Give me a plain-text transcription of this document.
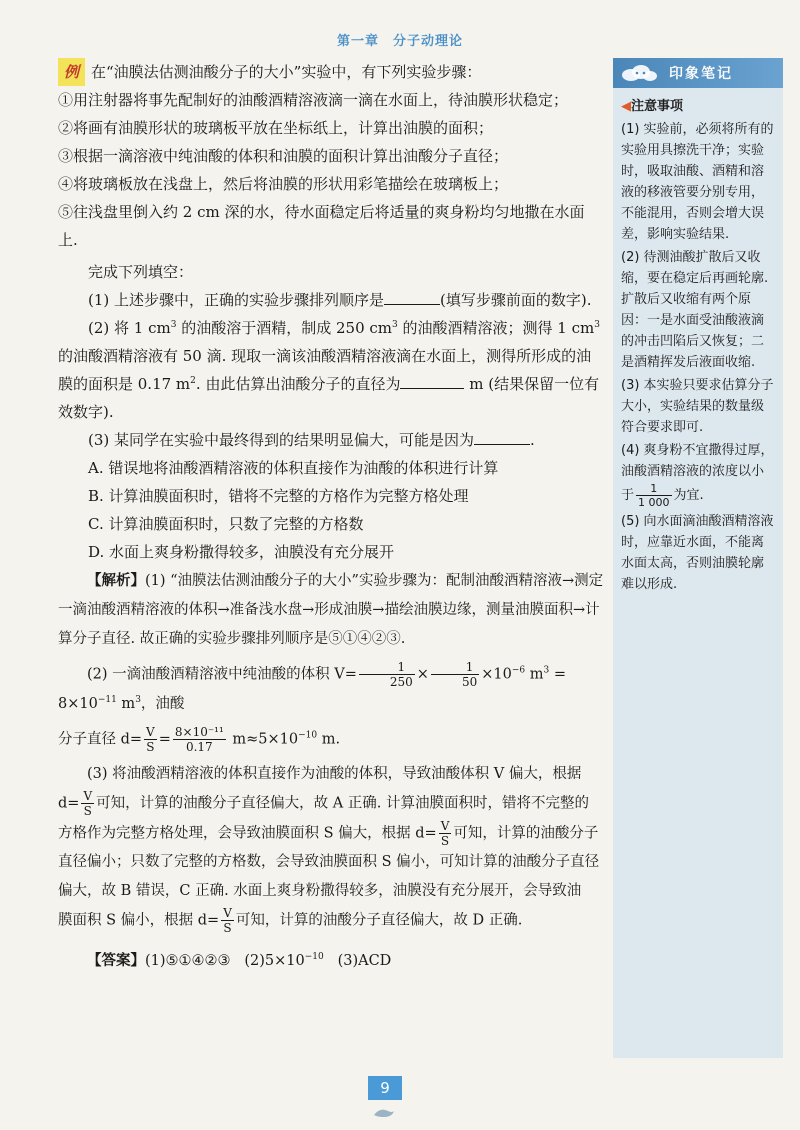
第一章　分子动理论

例 在“油膜法估测油酸分子的大小”实验中，有下列实验步骤：

①用注射器将事先配制好的油酸酒精溶液滴一滴在水面上，待油膜形状稳定；

②将画有油膜形状的玻璃板平放在坐标纸上，计算出油膜的面积；

③根据一滴溶液中纯油酸的体积和油膜的面积计算出油酸分子直径；

④将玻璃板放在浅盘上，然后将油膜的形状用彩笔描绘在玻璃板上；

⑤往浅盘里倒入约 2 cm 深的水，待水面稳定后将适量的爽身粉均匀地撒在水面上.

完成下列填空：

(1) 上述步骤中，正确的实验步骤排列顺序是	(填写步骤前面的数字).

(2) 将 1 $cm^3$ 的油酸溶于酒精，制成 250 $cm^3$ 的油酸酒精溶液；测得 1 $cm^3$ 的油酸酒精溶液有 50 滴. 现取一滴该油酸酒精溶液滴在水面上，测得所形成的油膜的面积是 0.17 $m^2$. 由此估算出油酸分子的直径为	m (结果保留一位有效数字).

(3) 某同学在实验中最终得到的结果明显偏大，可能是因为	.

A. 错误地将油酸酒精溶液的体积直接作为油酸的体积进行计算

B. 计算油膜面积时，错将不完整的方格作为完整方格处理

C. 计算油膜面积时，只数了完整的方格数

D. 水面上爽身粉撒得较多，油膜没有充分展开

【解析】(1) “油膜法估测油酸分子的大小”实验步骤为：配制油酸酒精溶液→测定一滴油酸酒精溶液的体积→准备浅水盘→形成油膜→描绘油膜边缘，测量油膜面积→计算分子直径. 故正确的实验步骤排列顺序是⑤①④②③.

(2) 一滴油酸酒精溶液中纯油酸的体积 $V= \frac{1}{250} \times \frac{1}{50} \times 10^{-6}$ $m^3 = 8\times 10^{-11}$ $m^3$，油酸

分子直径 $d= \frac{V}{S} = \frac{\text{8×10⁻¹¹}}{0.17} m\approx 5\times 10^{-10}$ m.

(3) 将油酸酒精溶液的体积直接作为油酸的体积，导致油酸体积 V 偏大，根据

$d= \frac{V}{S}$ 可知，计算的油酸分子直径偏大，故 A 正确. 计算油膜面积时，错将不完整的

方格作为完整方格处理，会导致油膜面积 S 偏大，根据 $d= \frac{V}{S}$ 可知，计算的油酸分子

直径偏小；只数了完整的方格数，会导致油膜面积 S 偏小，可知计算的油酸分子直径偏大，故 B 错误，C 正确. 水面上爽身粉撒得较多，油膜没有充分展开，会导致油

膜面积 S 偏小，根据 $d= \frac{V}{S}$ 可知，计算的油酸分子直径偏大，故 D 正确.

【答案】(1)⑤①④②③ $(2)5\times 10^{-10}$ (3)ACD

印象笔记
◀注意事项
(1) 实验前，必须将所有的实验用具擦洗干净；实验时，吸取油酸、酒精和溶液的移液管要分别专用，不能混用，否则会增大误差，影响实验结果.
(2) 待测油酸扩散后又收缩，要在稳定后再画轮廓. 扩散后又收缩有两个原因：一是水面受油酸液滴的冲击凹陷后又恢复；二是酒精挥发后液面收缩.
(3) 本实验只要求估算分子大小，实验结果的数量级符合要求即可.
(4) 爽身粉不宜撒得过厚，油酸酒精溶液的浓度以小于 $\frac{1}{1 000}$ 为宜.
(5) 向水面滴油酸酒精溶液时，应靠近水面，不能离水面太高，否则油膜轮廓难以形成.
9
